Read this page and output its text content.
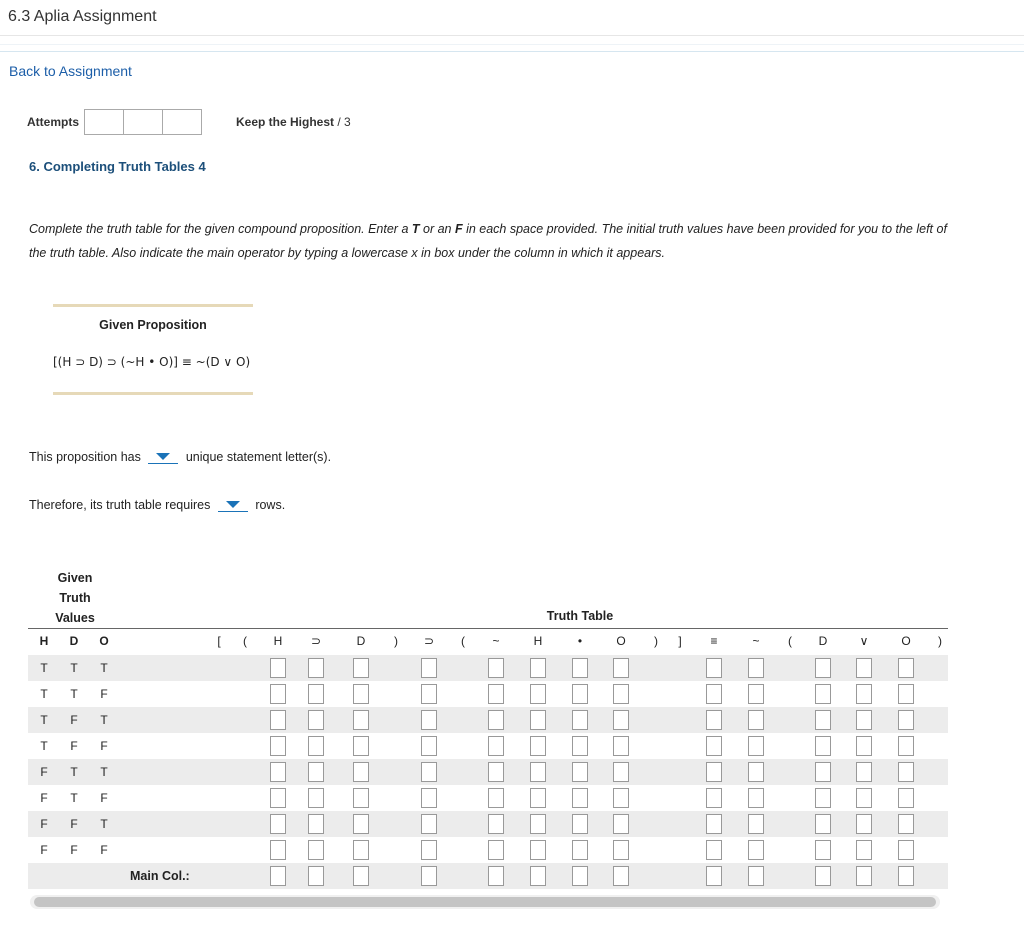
6.3 Aplia Assignment
Back to Assignment
Attempts	Keep the Highest / 3
6. Completing Truth Tables 4
Complete the truth table for the given compound proposition. Enter a T or an F in each space provided. The initial truth values have been provided for you to the left of the truth table. Also indicate the main operator by typing a lowercase x in box under the column in which it appears.
Given Proposition
[(H ⊃ D) ⊃ (~H • O)] ≡ ~(D ∨ O)
This proposition has	unique statement letter(s).
Therefore, its truth table requires	rows.
Given
Truth
Values	Truth Table
H	D	O	[	(	H	⊃	D	)	⊃	(	~	H	•	O	)	]	≡	~	(	D	∨	O	)
T	T	T
T	T	F
T	F	T
T	F	F
F	T	T
F	T	F
F	F	T
F	F	F
Main Col.:
